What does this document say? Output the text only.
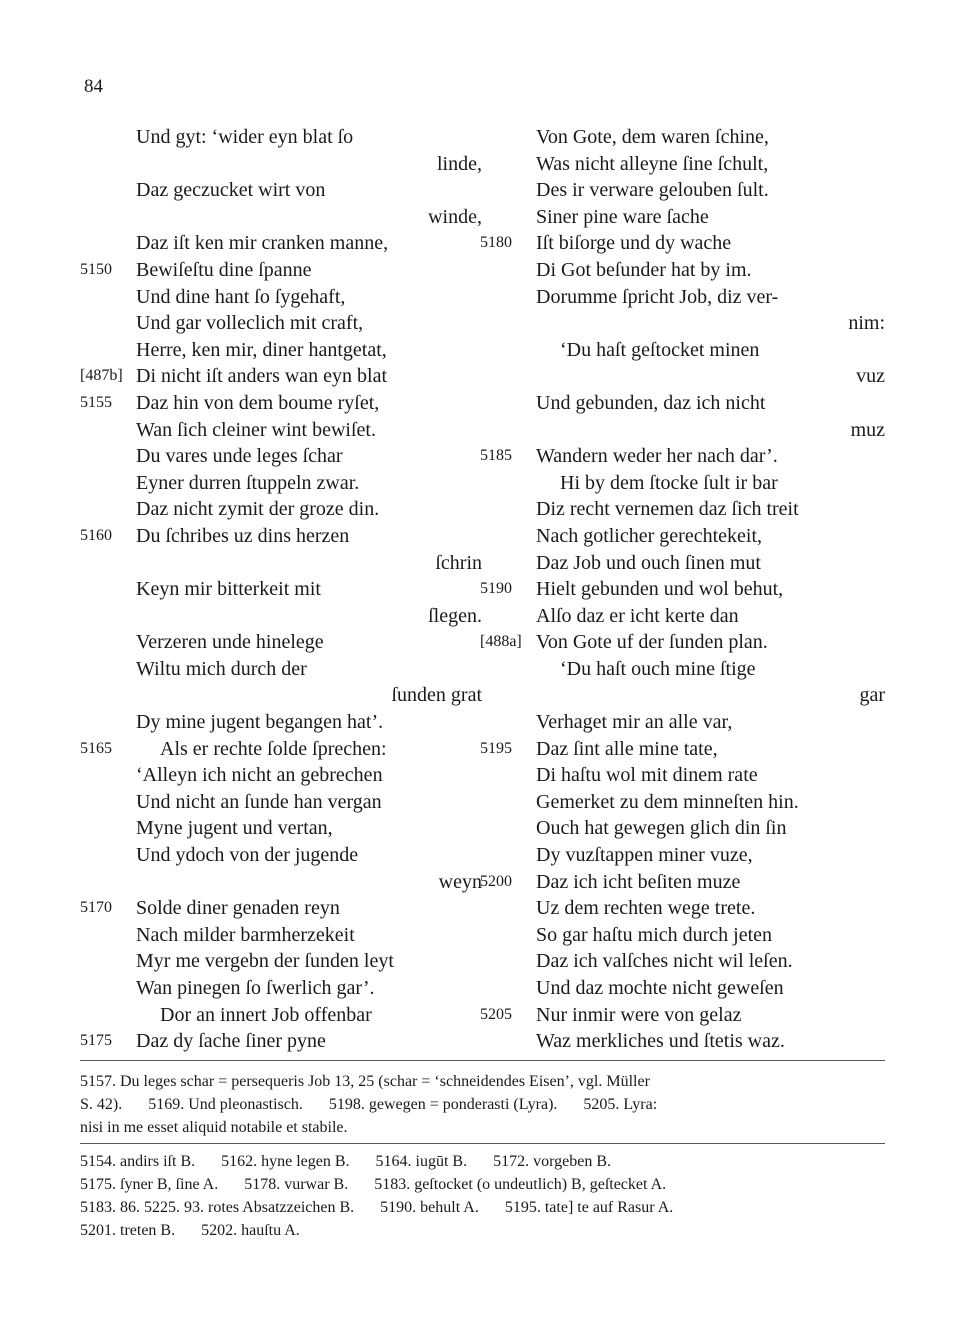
84
Und gyt: ‘wider eyn blat ſo
linde,
Daz geczucket wirt von
winde,
Daz iſt ken mir cranken manne,
5150	Bewiſeſtu dine ſpanne
Und dine hant ſo ſygehaft,
Und gar volleclich mit craft,
Herre, ken mir, diner hantgetat,
[487b] Di nicht iſt anders wan eyn blat
5155	Daz hin von dem boume ryſet,
Wan ſich cleiner wint bewiſet.
Du vares unde leges ſchar
Eyner durren ſtuppeln zwar.
Daz nicht zymit der groze din.
5160	Du ſchribes uz dins herzen
ſchrin
Keyn mir bitterkeit mit
ſlegen.
Verzeren unde hinelege
Wiltu mich durch der
ſunden grat
Dy mine jugent begangen hat’.
5165	Als er rechte ſolde ſprechen:
‘Alleyn ich nicht an gebrechen
Und nicht an ſunde han vergan
Myne jugent und vertan,
Und ydoch von der jugende
weyn
5170	Solde diner genaden reyn
Nach milder barmherzekeit
Myr me vergebn der ſunden leyt
Wan pinegen ſo ſwerlich gar’.
Dor an innert Job offenbar
5175	Daz dy ſache ſiner pyne
Von Gote, dem waren ſchine,
Was nicht alleyne ſine ſchult,
Des ir verware gelouben ſult.
Siner pine ware ſache
5180	Iſt biſorge und dy wache
Di Got beſunder hat by im.
Dorumme ſpricht Job, diz ver-
nim:
‘Du haſt geſtocket minen
vuz
Und gebunden, daz ich nicht
muz
5185	Wandern weder her nach dar’.
Hi by dem ſtocke ſult ir bar
Diz recht vernemen daz ſich treit
Nach gotlicher gerechtekeit,
Daz Job und ouch ſinen mut
5190	Hielt gebunden und wol behut,
Alſo daz er icht kerte dan
[488a] Von Gote uf der ſunden plan.
‘Du haſt ouch mine ſtige
gar
Verhaget mir an alle var,
5195	Daz ſint alle mine tate,
Di haſtu wol mit dinem rate
Gemerket zu dem minneſten hin.
Ouch hat gewegen glich din ſin
Dy vuzſtappen miner vuze,
5200	Daz ich icht beſiten muze
Uz dem rechten wege trete.
So gar haſtu mich durch jeten
Daz ich valſches nicht wil leſen.
Und daz mochte nicht geweſen
5205	Nur inmir were von gelaz
Waz merkliches und ſtetis waz.
5157. Du leges schar = persequeris Job 13, 25 (schar = ‘schneidendes Eisen’, vgl. Müller
S. 42). 5169. Und pleonastisch. 5198. gewegen = ponderasti (Lyra). 5205. Lyra:
nisi in me esset aliquid notabile et stabile.
5154. andirs iſt B. 5162. hyne legen B. 5164. iugūt B. 5172. vorgeben B.
5175. ſyner B, ſine A. 5178. vurwar B. 5183. geſtocket (o undeutlich) B, geſtecket A.
5183. 86. 5225. 93. rotes Absatzzeichen B. 5190. behult A. 5195. tate] te auf Rasur A.
5201. treten B. 5202. hauſtu A.
